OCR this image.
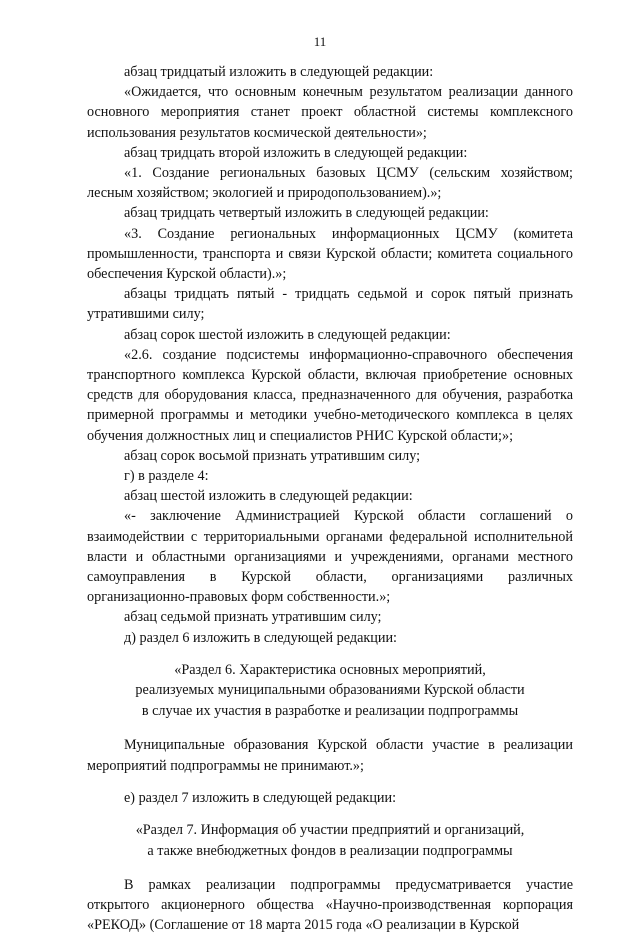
11

абзац тридцатый изложить в следующей редакции:

«Ожидается, что основным конечным результатом реализации данного основного мероприятия станет проект областной системы комплексного использования результатов космической деятельности»;

абзац тридцать второй изложить в следующей редакции:

«1. Создание региональных базовых ЦСМУ (сельским хозяйством; лесным хозяйством; экологией и природопользованием).»;

абзац тридцать четвертый изложить в следующей редакции:

«3. Создание региональных информационных ЦСМУ (комитета промышленности, транспорта и связи Курской области; комитета социального обеспечения Курской области).»;

абзацы тридцать пятый - тридцать седьмой и сорок пятый признать утратившими силу;

абзац сорок шестой изложить в следующей редакции:

«2.6. создание подсистемы информационно-справочного обеспечения транспортного комплекса Курской области, включая приобретение основных средств для оборудования класса, предназначенного для обучения, разработка примерной программы и методики учебно-методического комплекса в целях обучения должностных лиц и специалистов РНИС Курской области;»;

абзац сорок восьмой признать утратившим силу;

г) в разделе 4:

абзац шестой изложить в следующей редакции:

«- заключение Администрацией Курской области соглашений о взаимодействии с территориальными органами федеральной исполнительной власти и областными организациями и учреждениями, органами местного самоуправления в Курской области, организациями различных организационно-правовых форм собственности.»;

абзац седьмой признать утратившим силу;

д) раздел 6 изложить в следующей редакции:

«Раздел 6. Характеристика основных мероприятий,

реализуемых муниципальными образованиями Курской области

в случае их участия в разработке и реализации подпрограммы

Муниципальные образования Курской области участие в реализации мероприятий подпрограммы не принимают.»;

е) раздел 7 изложить в следующей редакции:

«Раздел 7. Информация об участии предприятий и организаций,

а также внебюджетных фондов в реализации подпрограммы

В рамках реализации подпрограммы предусматривается участие открытого акционерного общества «Научно-производственная корпорация «РЕКОД» (Соглашение от 18 марта 2015 года «О реализации в Курской
